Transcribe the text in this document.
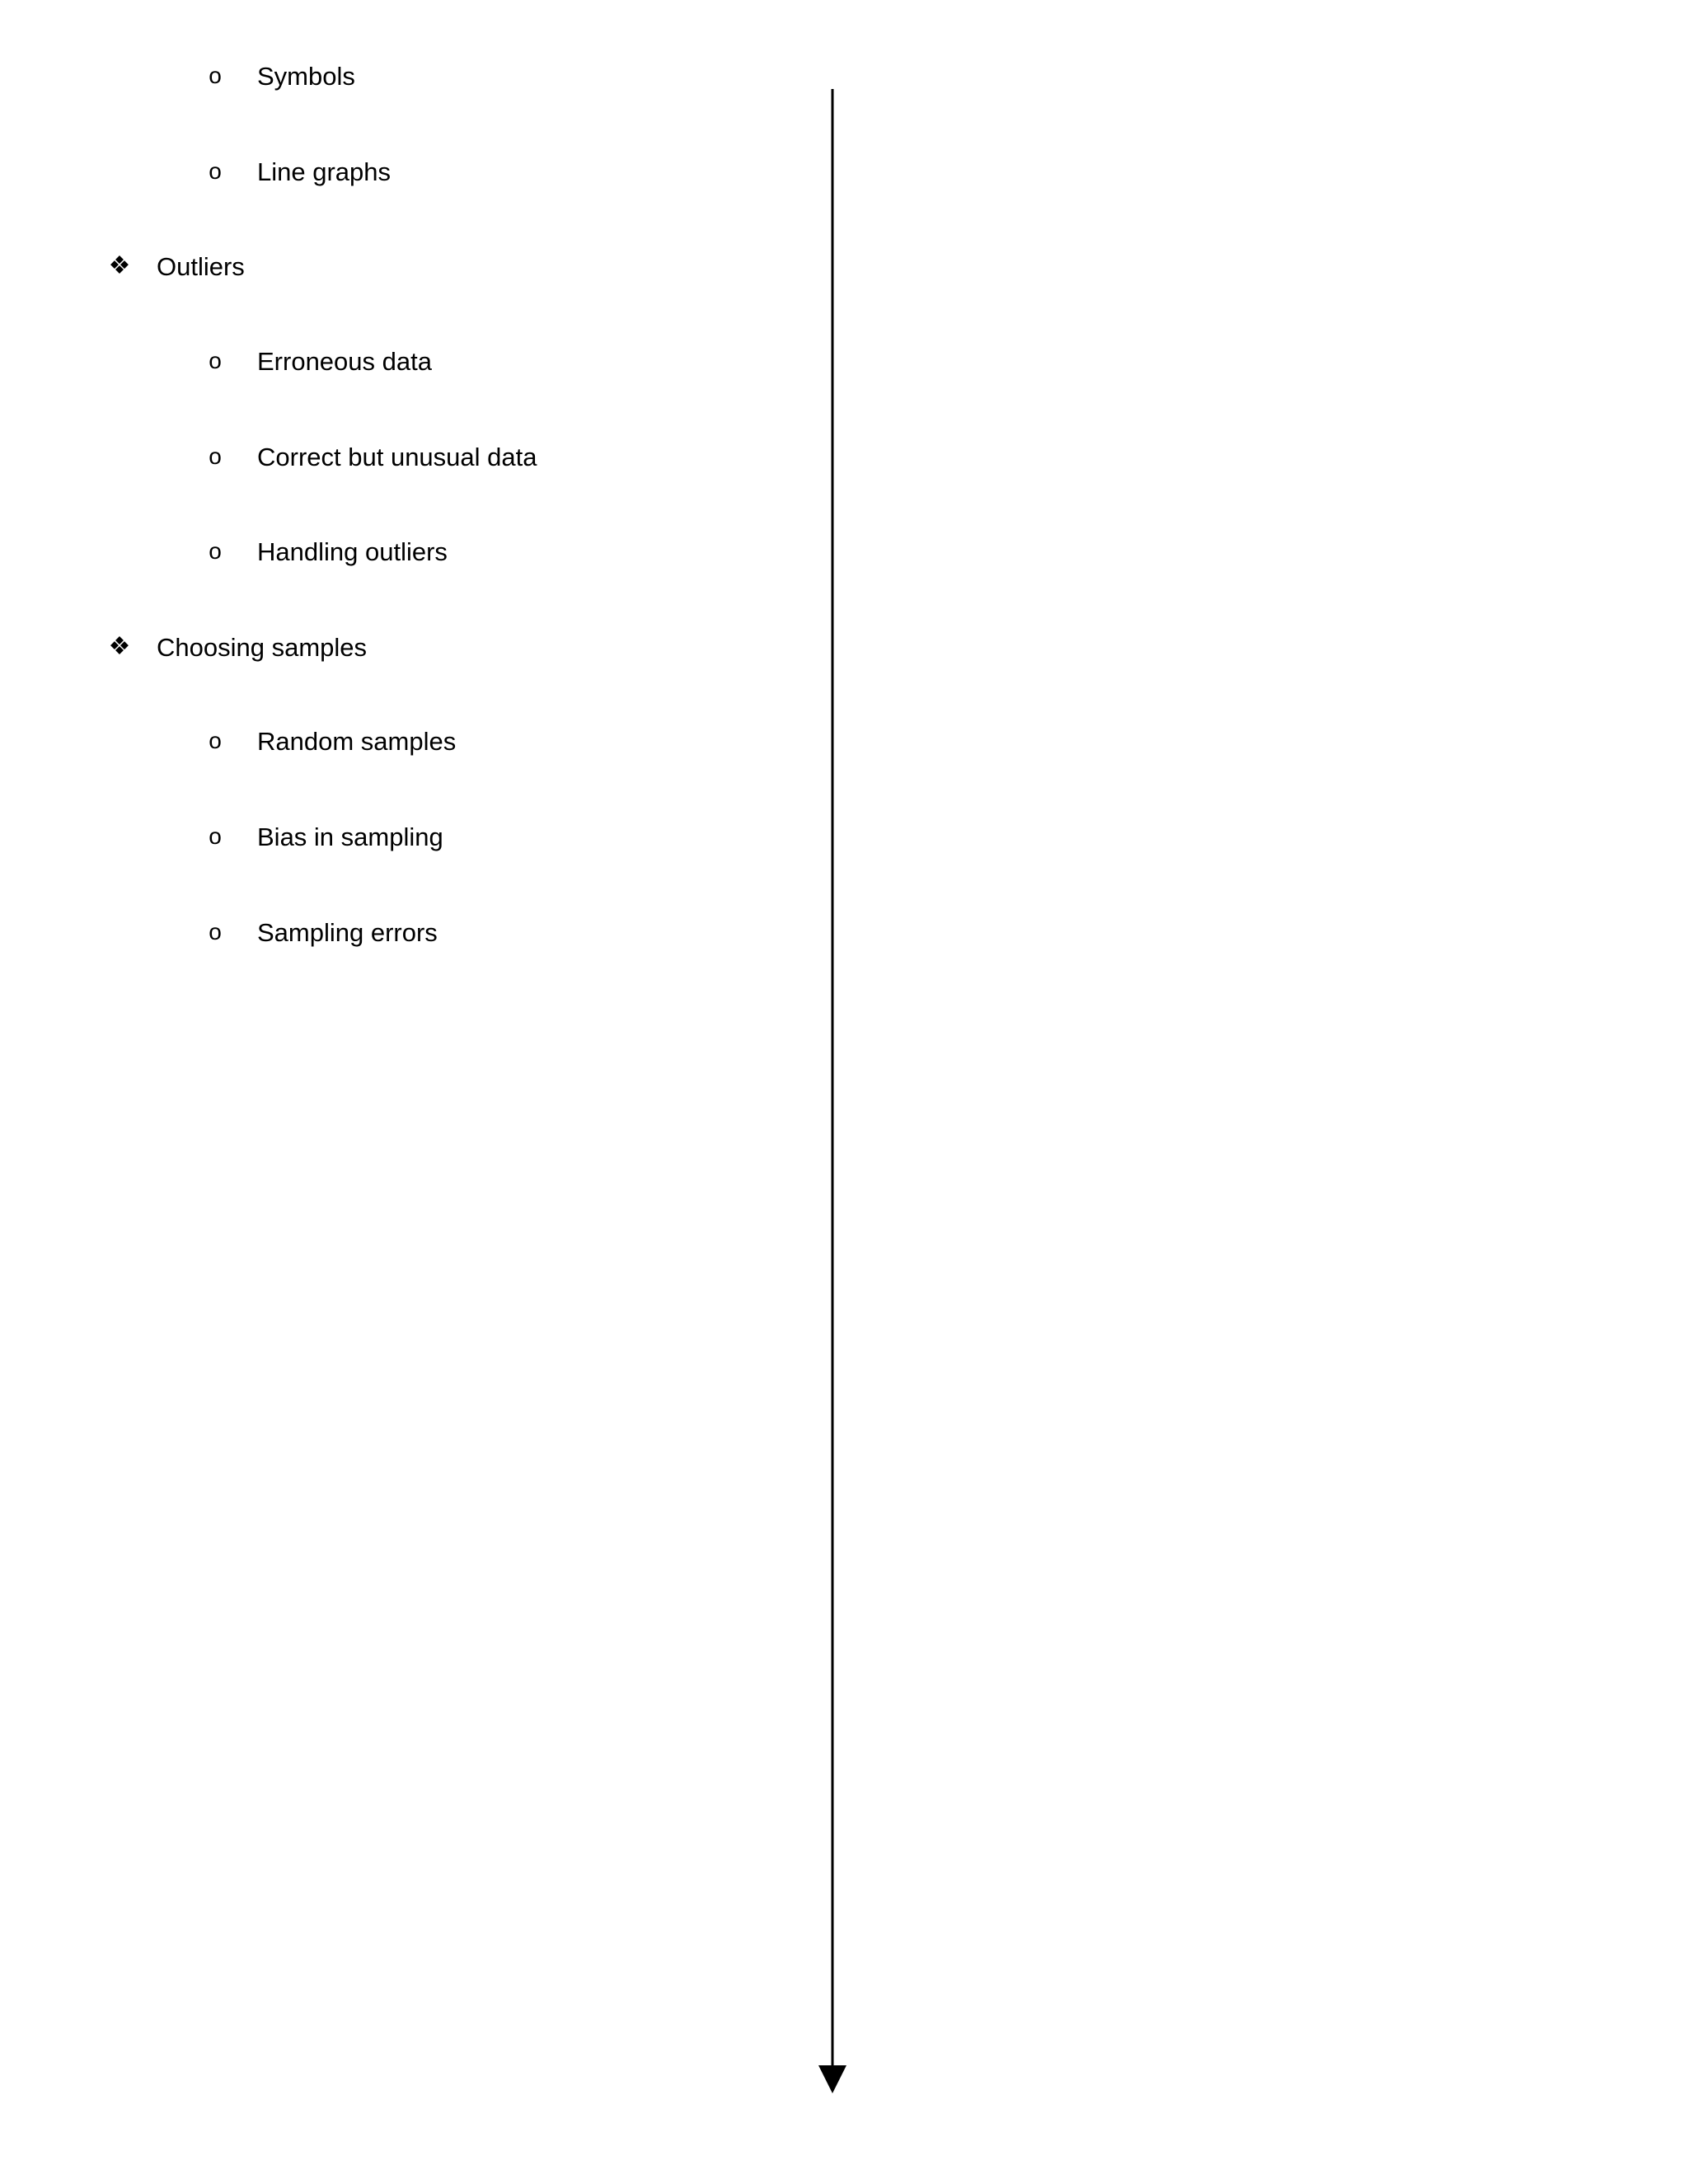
o Symbols
o Line graphs
❖ Outliers
o Erroneous data
o Correct but unusual data
o Handling outliers
❖ Choosing samples
o Random samples
o Bias in sampling
o Sampling errors
